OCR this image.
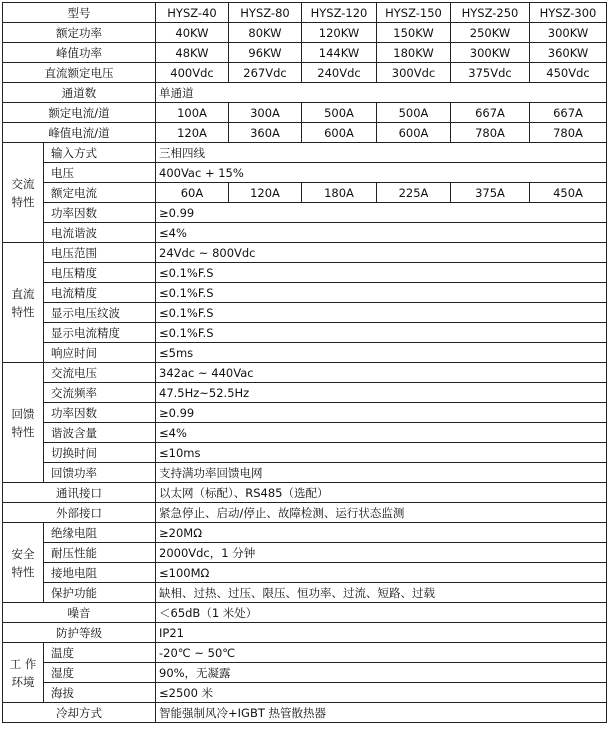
型号		HYSZ-40	HYSZ-80	HYSZ-120	HYSZ-150	HYSZ-250	HYSZ-300
额定功率		40KW	80KW	120KW	150KW	250KW	300KW
峰值功率		48KW	96KW	144KW	180KW	300KW	360KW
直流额定电压		400Vdc	267Vdc	240Vdc	300Vdc	375Vdc	450Vdc
通道数		单通道					
额定电流/道		100A	300A	500A	500A	667A	667A
峰值电流/道		120A	360A	600A	600A	780A	780A
交流特性	输入方式	三相四线					
	电压	400Vac + 15%					
	额定电流	60A	120A	180A	225A	375A	450A
	功率因数	≥0.99					
	电流谐波	≤4%					
直流特性	电压范围	24Vdc ~ 800Vdc					
	电压精度	≤0.1%F.S					
	电流精度	≤0.1%F.S					
	显示电压纹波	≤0.1%F.S					
	显示电流精度	≤0.1%F.S					
	响应时间	≤5ms					
回馈特性	交流电压	342ac ~ 440Vac					
	交流频率	47.5Hz~52.5Hz					
	功率因数	≥0.99					
	谐波含量	≤4%					
	切换时间	≤10ms					
	回馈功率	支持满功率回馈电网					
通讯接口		以太网（标配）、RS485（选配）					
外部接口		紧急停止、启动/停止、故障检测、运行状态监测					
安全特性	绝缘电阻	≥20MΩ					
	耐压性能	2000Vdc，1 分钟					
	接地电阻	≤100MΩ					
	保护功能	缺相、过热、过压、限压、恒功率、过流、短路、过载					
噪音		＜65dB（1 米处）					
防护等级		IP21					
工 作环境	温度	-20℃ ~ 50℃					
	湿度	90%，无凝露					
	海拔	≤2500 米					
冷却方式		智能强制风冷+IGBT 热管散热器					
